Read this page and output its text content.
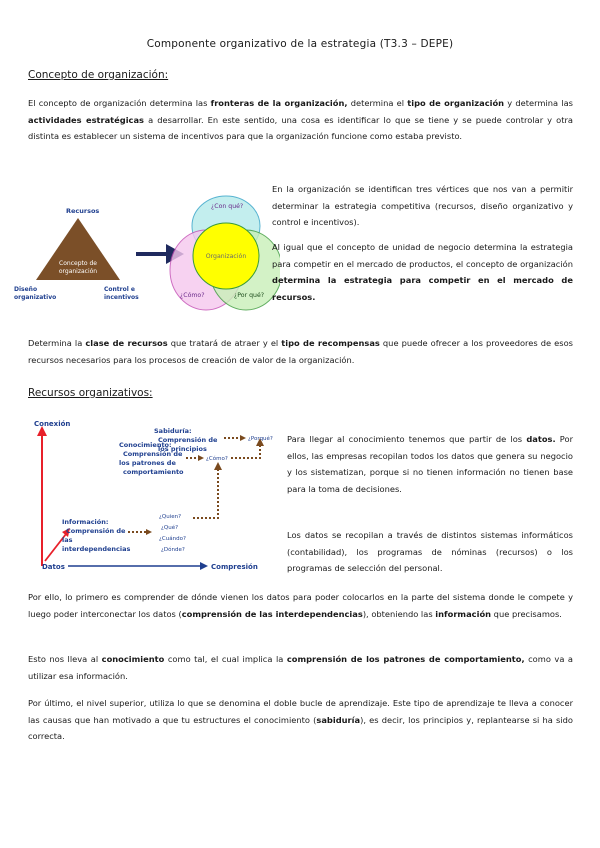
Componente organizativo de la estrategia (T3.3 – DEPE)
Concepto de organización:
El concepto de organización determina las fronteras de la organización, determina el tipo de organización y determina las actividades estratégicas a desarrollar. En este sentido, una cosa es identificar lo que se tiene y se puede controlar y otra distinta es establecer un sistema de incentivos para que la organización funcione como estaba previsto.
Recursos
Concepto de
organización
Diseño
organizativo
Control e
incentivos
¿Con qué?
Organización
¿Cómo?	¿Por qué?
En la organización se identifican tres vértices que nos van a permitir determinar la estrategia competitiva (recursos, diseño organizativo y control e incentivos).
Al igual que el concepto de unidad de negocio determina la estrategia para competir en el mercado de productos, el concepto de organización determina la estrategia para competir en el mercado de recursos.
Determina la clase de recursos que tratará de atraer y el tipo de recompensas que puede ofrecer a los proveedores de esos recursos necesarios para los procesos de creación de valor de la organización.
Recursos organizativos:
Conexión
Compresión
Datos
Información:
Comprensión de
las
interdependencias
¿Quien?
¿Qué?
¿Cuándo?
¿Dónde?
Conocimiento:
Comprensión de
los patrones de
comportamiento
¿Cómo?
Sabiduría:
Comprensión de
los principios
¿Porqué? Para llegar al conocimiento tenemos que partir de los datos. Por ellos, las empresas recopilan todos los datos que genera su negocio y los sistematizan, porque si no tienen información no tienen base para la toma de decisiones.
Los datos se recopilan a través de distintos sistemas informáticos (contabilidad), los programas de nóminas (recursos) o los programas de selección del personal.
Por ello, lo primero es comprender de dónde vienen los datos para poder colocarlos en la parte del sistema donde le compete y luego poder interconectar los datos (comprensión de las interdependencias), obteniendo las información que precisamos.
Esto nos lleva al conocimiento como tal, el cual implica la comprensión de los patrones de comportamiento, como va a utilizar esa información.
Por último, el nivel superior, utiliza lo que se denomina el doble bucle de aprendizaje. Este tipo de aprendizaje te lleva a conocer las causas que han motivado a que tu estructures el conocimiento (sabiduría), es decir, los principios y, replantearse si ha sido correcta.
